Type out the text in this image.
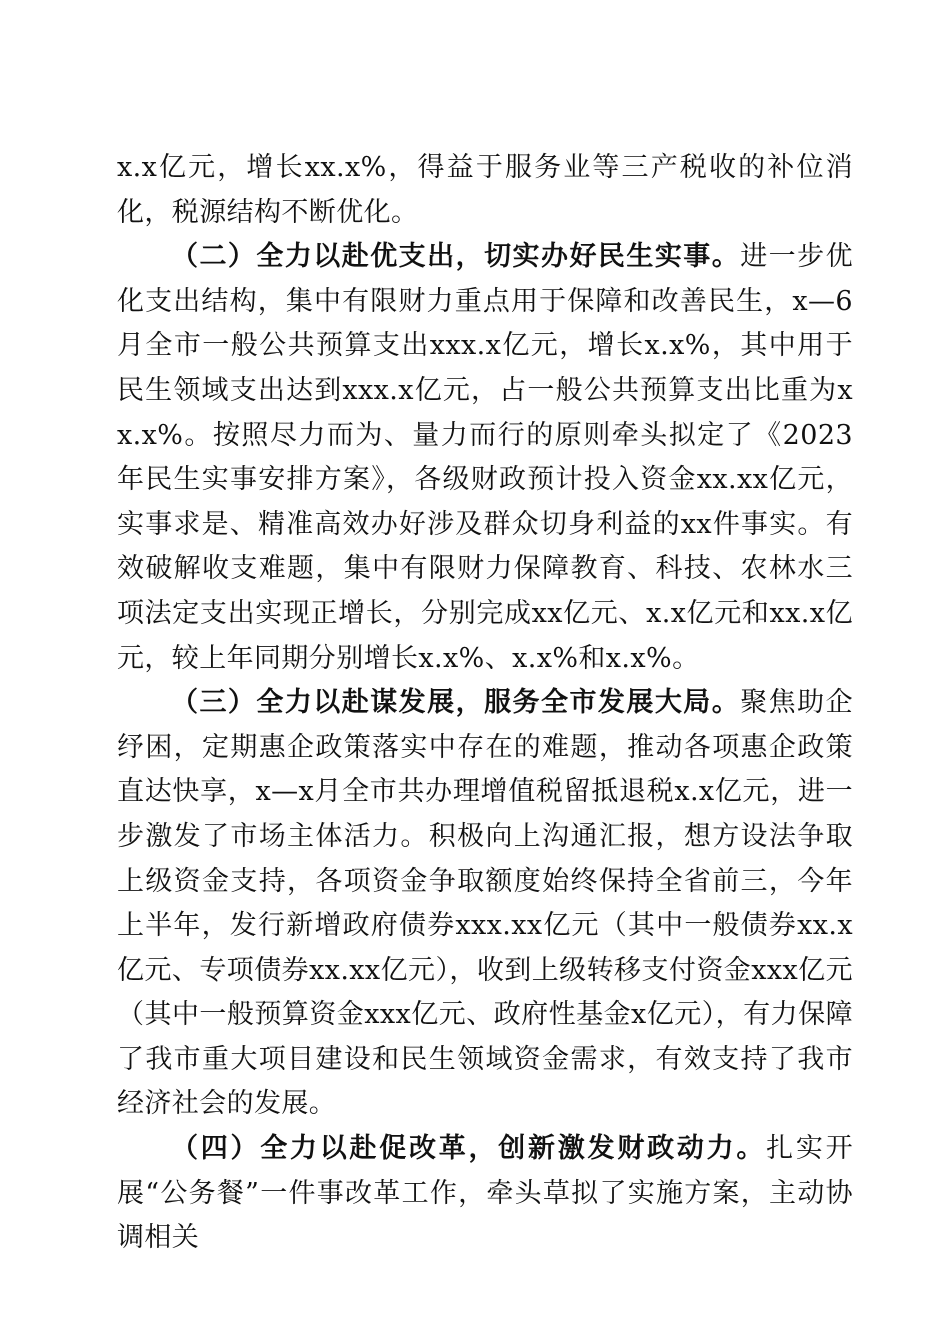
x.x亿元，增长xx.x%，得益于服务业等三产税收的补位消化，税源结构不断优化。

（二）全力以赴优支出，切实办好民生实事。进一步优化支出结构，集中有限财力重点用于保障和改善民生，x—6月全市一般公共预算支出xxx.x亿元，增长x.x%，其中用于民生领域支出达到xxx.x亿元，占一般公共预算支出比重为xx.x%。按照尽力而为、量力而行的原则牵头拟定了《2023年民生实事安排方案》，各级财政预计投入资金xx.xx亿元，实事求是、精准高效办好涉及群众切身利益的xx件事实。有效破解收支难题，集中有限财力保障教育、科技、农林水三项法定支出实现正增长，分别完成xx亿元、x.x亿元和xx.x亿元，较上年同期分别增长x.x%、x.x%和x.x%。

（三）全力以赴谋发展，服务全市发展大局。聚焦助企纾困，定期惠企政策落实中存在的难题，推动各项惠企政策直达快享，x—x月全市共办理增值税留抵退税x.x亿元，进一步激发了市场主体活力。积极向上沟通汇报，想方设法争取上级资金支持，各项资金争取额度始终保持全省前三，今年上半年，发行新增政府债券xxx.xx亿元（其中一般债券xx.x亿元、专项债券xx.xx亿元），收到上级转移支付资金xxx亿元（其中一般预算资金xxx亿元、政府性基金x亿元），有力保障了我市重大项目建设和民生领域资金需求，有效支持了我市经济社会的发展。

（四）全力以赴促改革，创新激发财政动力。扎实开展“公务餐”一件事改革工作，牵头草拟了实施方案，主动协调相关
